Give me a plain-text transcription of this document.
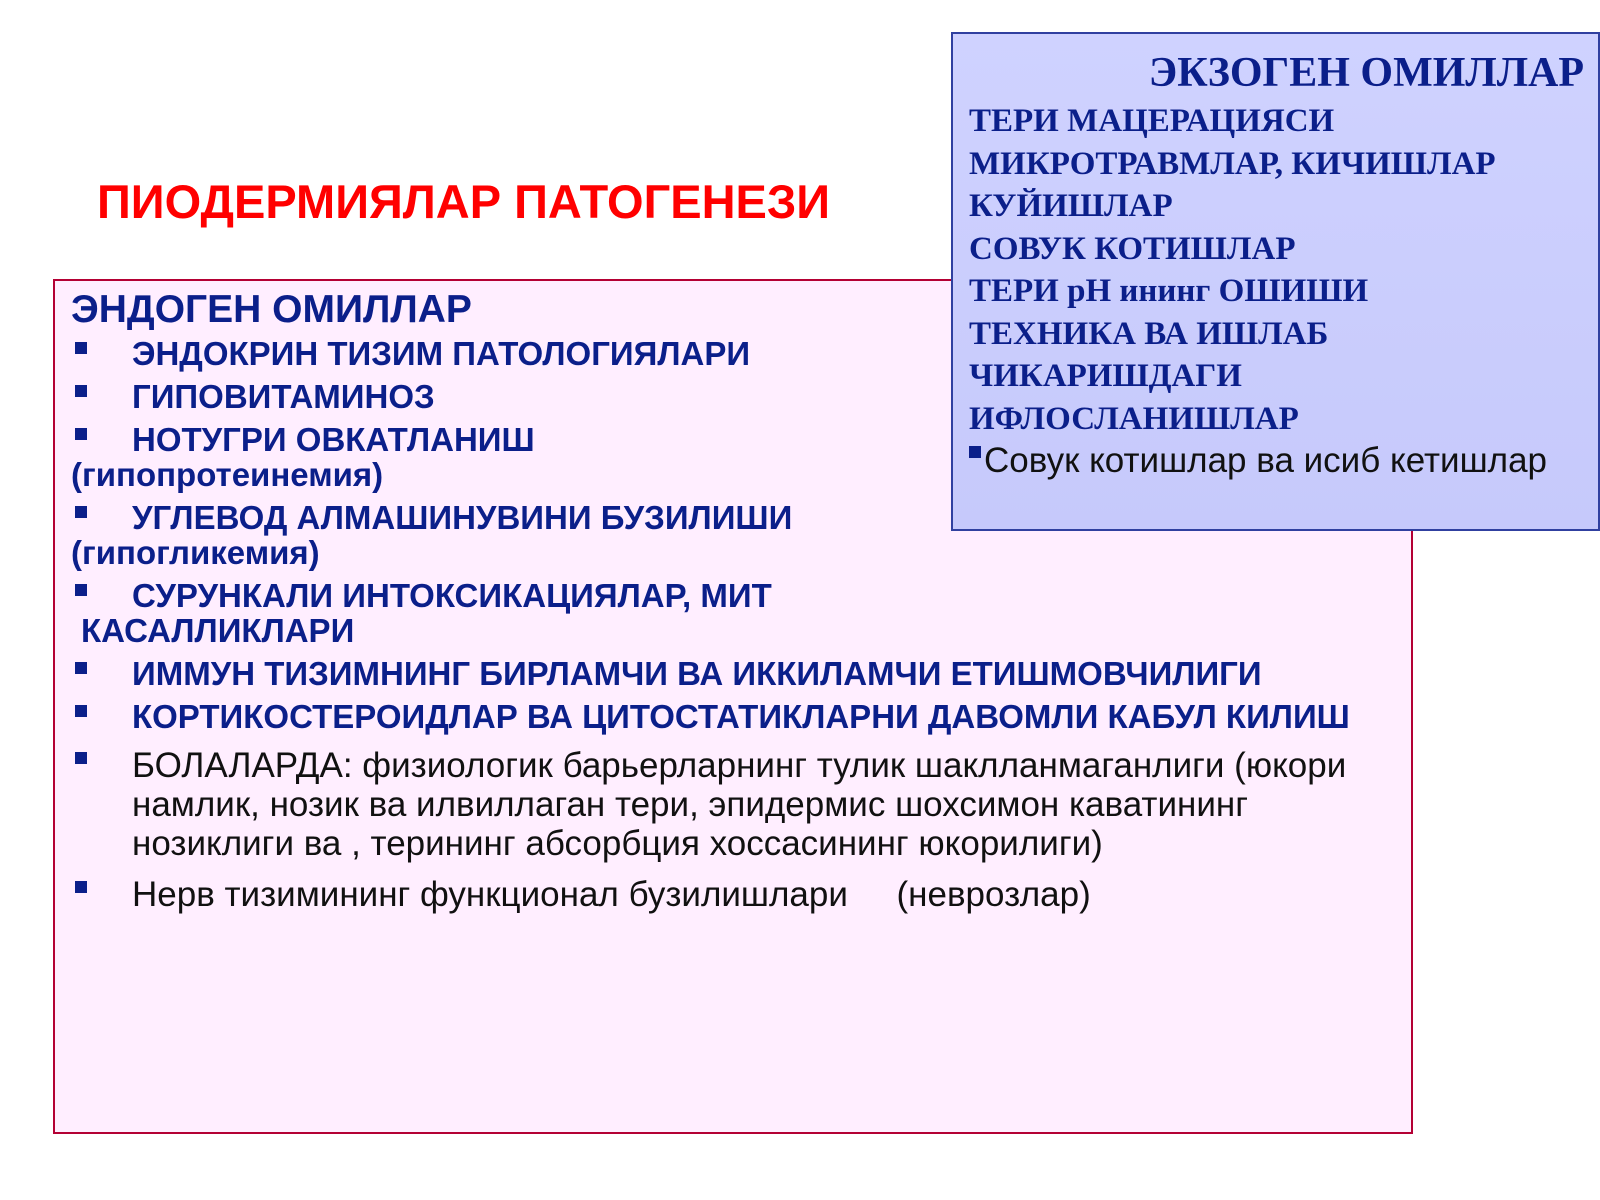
ПИОДЕРМИЯЛАР ПАТОГЕНЕЗИ
ЭНДОГЕН ОМИЛЛАР
ЭНДОКРИН ТИЗИМ ПАТОЛОГИЯЛАРИ
ГИПОВИТАМИНОЗ
НОТУГРИ ОВКАТЛАНИШ
(гипопротеинемия)
УГЛЕВОД АЛМАШИНУВИНИ БУЗИЛИШИ
(гипогликемия)
СУРУНКАЛИ ИНТОКСИКАЦИЯЛАР, МИТ
КАСАЛЛИКЛАРИ
ИММУН ТИЗИМНИНГ БИРЛАМЧИ ВА ИККИЛАМЧИ ЕТИШМОВЧИЛИГИ
КОРТИКОСТЕРОИДЛАР ВА ЦИТОСТАТИКЛАРНИ ДАВОМЛИ КАБУЛ КИЛИШ
БОЛАЛАРДА: физиологик барьерларнинг тулик шаклланмаганлиги (юкори намлик, нозик ва илвиллаган тери, эпидермис шохсимон каватининг нозиклиги ва , терининг абсорбция хоссасининг юкорилиги)
Нерв тизимининг функционал бузилишлари     (неврозлар)
ЭКЗОГЕН ОМИЛЛАР
ТЕРИ МАЦЕРАЦИЯСИ
МИКРОТРАВМЛАР, КИЧИШЛАР
КУЙИШЛАР
СОВУК КОТИШЛАР
ТЕРИ рН ининг ОШИШИ
ТЕХНИКА ВА ИШЛАБ
ЧИКАРИШДАГИ
ИФЛОСЛАНИШЛАР

Совук котишлар ва исиб кетишлар
